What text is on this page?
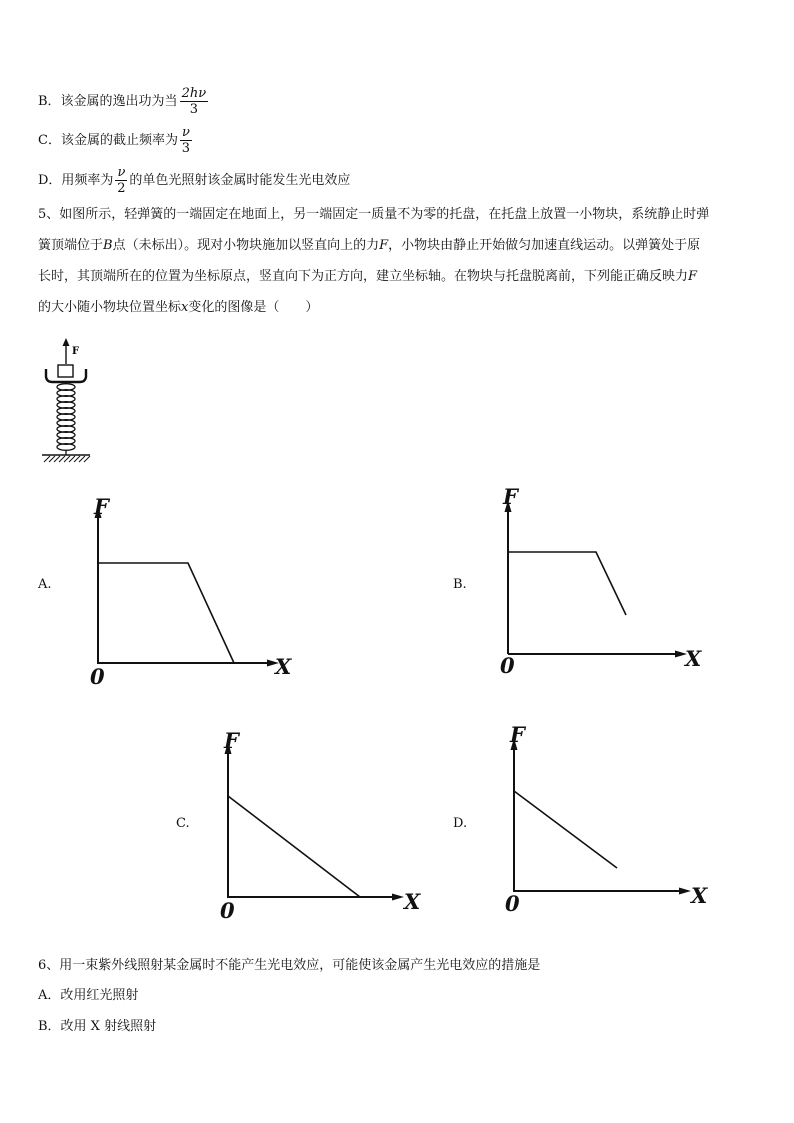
B．该金属的逸出功为当 $\frac{2h\nu}{3}$
C．该金属的截止频率为 $\frac{\nu}{3}$
D．用频率为 $\frac{\nu}{2}$ 的单色光照射该金属时能发生光电效应
5、如图所示，轻弹簧的一端固定在地面上，另一端固定一质量不为零的托盘，在托盘上放置一小物块，系统静止时弹
簧顶端位于B点（未标出）。现对小物块施加以竖直向上的力F，小物块由静止开始做匀加速直线运动。以弹簧处于原
长时，其顶端所在的位置为坐标原点，竖直向下为正方向，建立坐标轴。在物块与托盘脱离前，下列能正确反映力F
的大小随小物块位置坐标x变化的图像是（　　）
F
A.	B.
C.	D.
F
X
0
F
X
0
F
X
0
F
X
0
6、用一束紫外线照射某金属时不能产生光电效应，可能使该金属产生光电效应的措施是
A．改用红光照射
B．改用 X 射线照射
